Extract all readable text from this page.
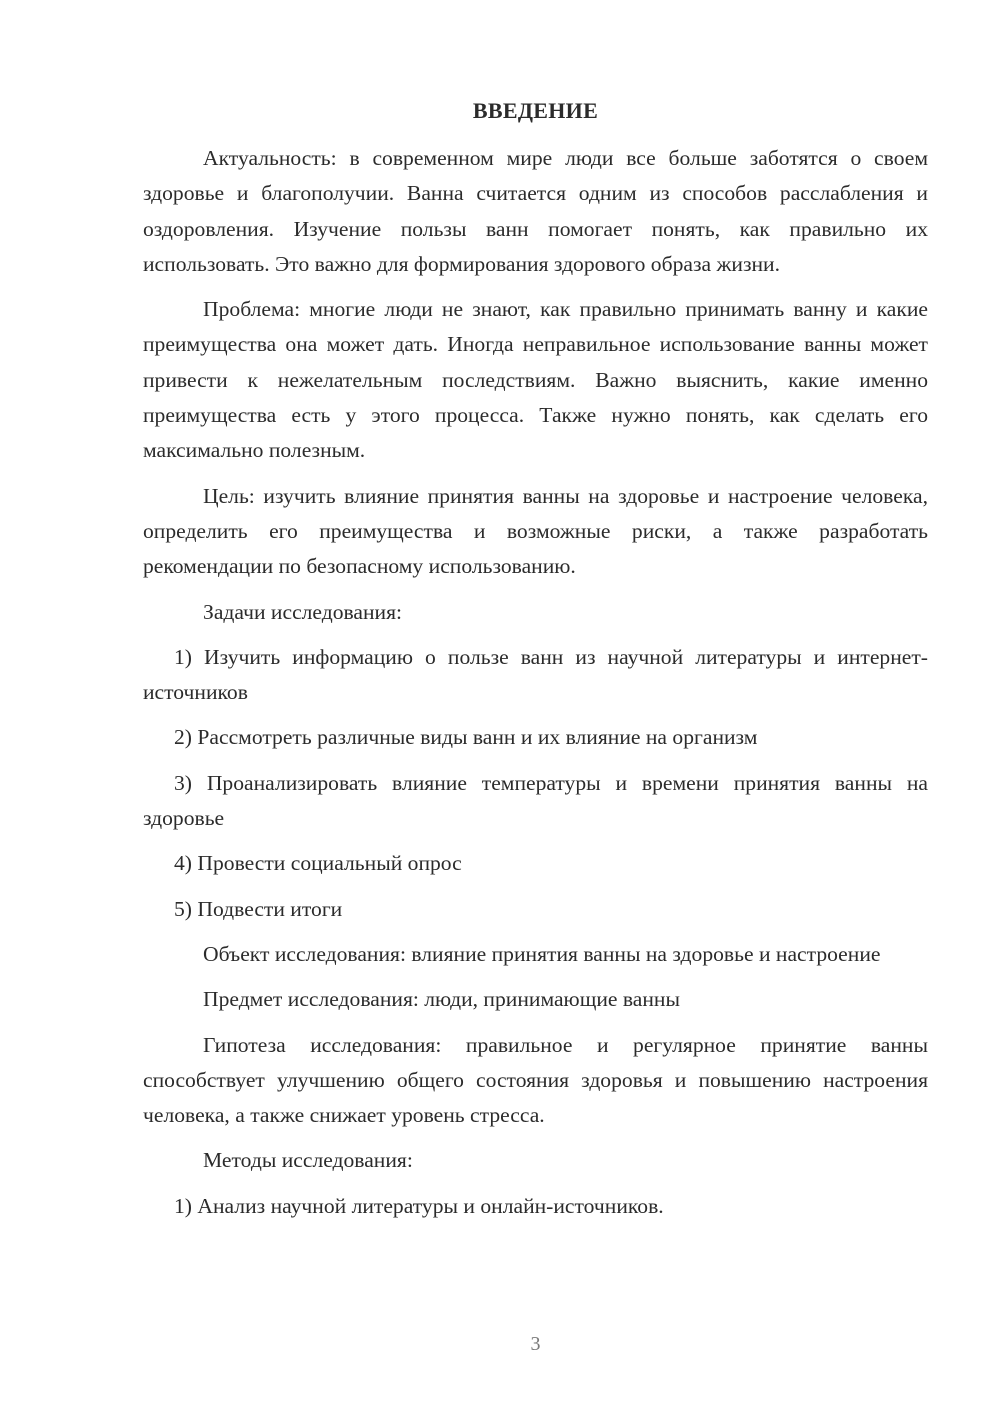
ВВЕДЕНИЕ

Актуальность: в современном мире люди все больше заботятся о своем здоровье и благополучии. Ванна считается одним из способов расслабления и оздоровления. Изучение пользы ванн помогает понять, как правильно их использовать. Это важно для формирования здорового образа жизни.

Проблема: многие люди не знают, как правильно принимать ванну и какие преимущества она может дать. Иногда неправильное использование ванны может привести к нежелательным последствиям. Важно выяснить, какие именно преимущества есть у этого процесса. Также нужно понять, как сделать его максимально полезным.

Цель: изучить влияние принятия ванны на здоровье и настроение человека, определить его преимущества и возможные риски, а также разработать рекомендации по безопасному использованию.

Задачи исследования:

1) Изучить информацию о пользе ванн из научной литературы и интернет-источников

2) Рассмотреть различные виды ванн и их влияние на организм

3) Проанализировать влияние температуры и времени принятия ванны на здоровье

4) Провести социальный опрос

5) Подвести итоги

Объект исследования: влияние принятия ванны на здоровье и настроение

Предмет исследования: люди, принимающие ванны

Гипотеза исследования: правильное и регулярное принятие ванны способствует улучшению общего состояния здоровья и повышению настроения человека, а также снижает уровень стресса.

Методы исследования:

1) Анализ научной литературы и онлайн-источников.

3
